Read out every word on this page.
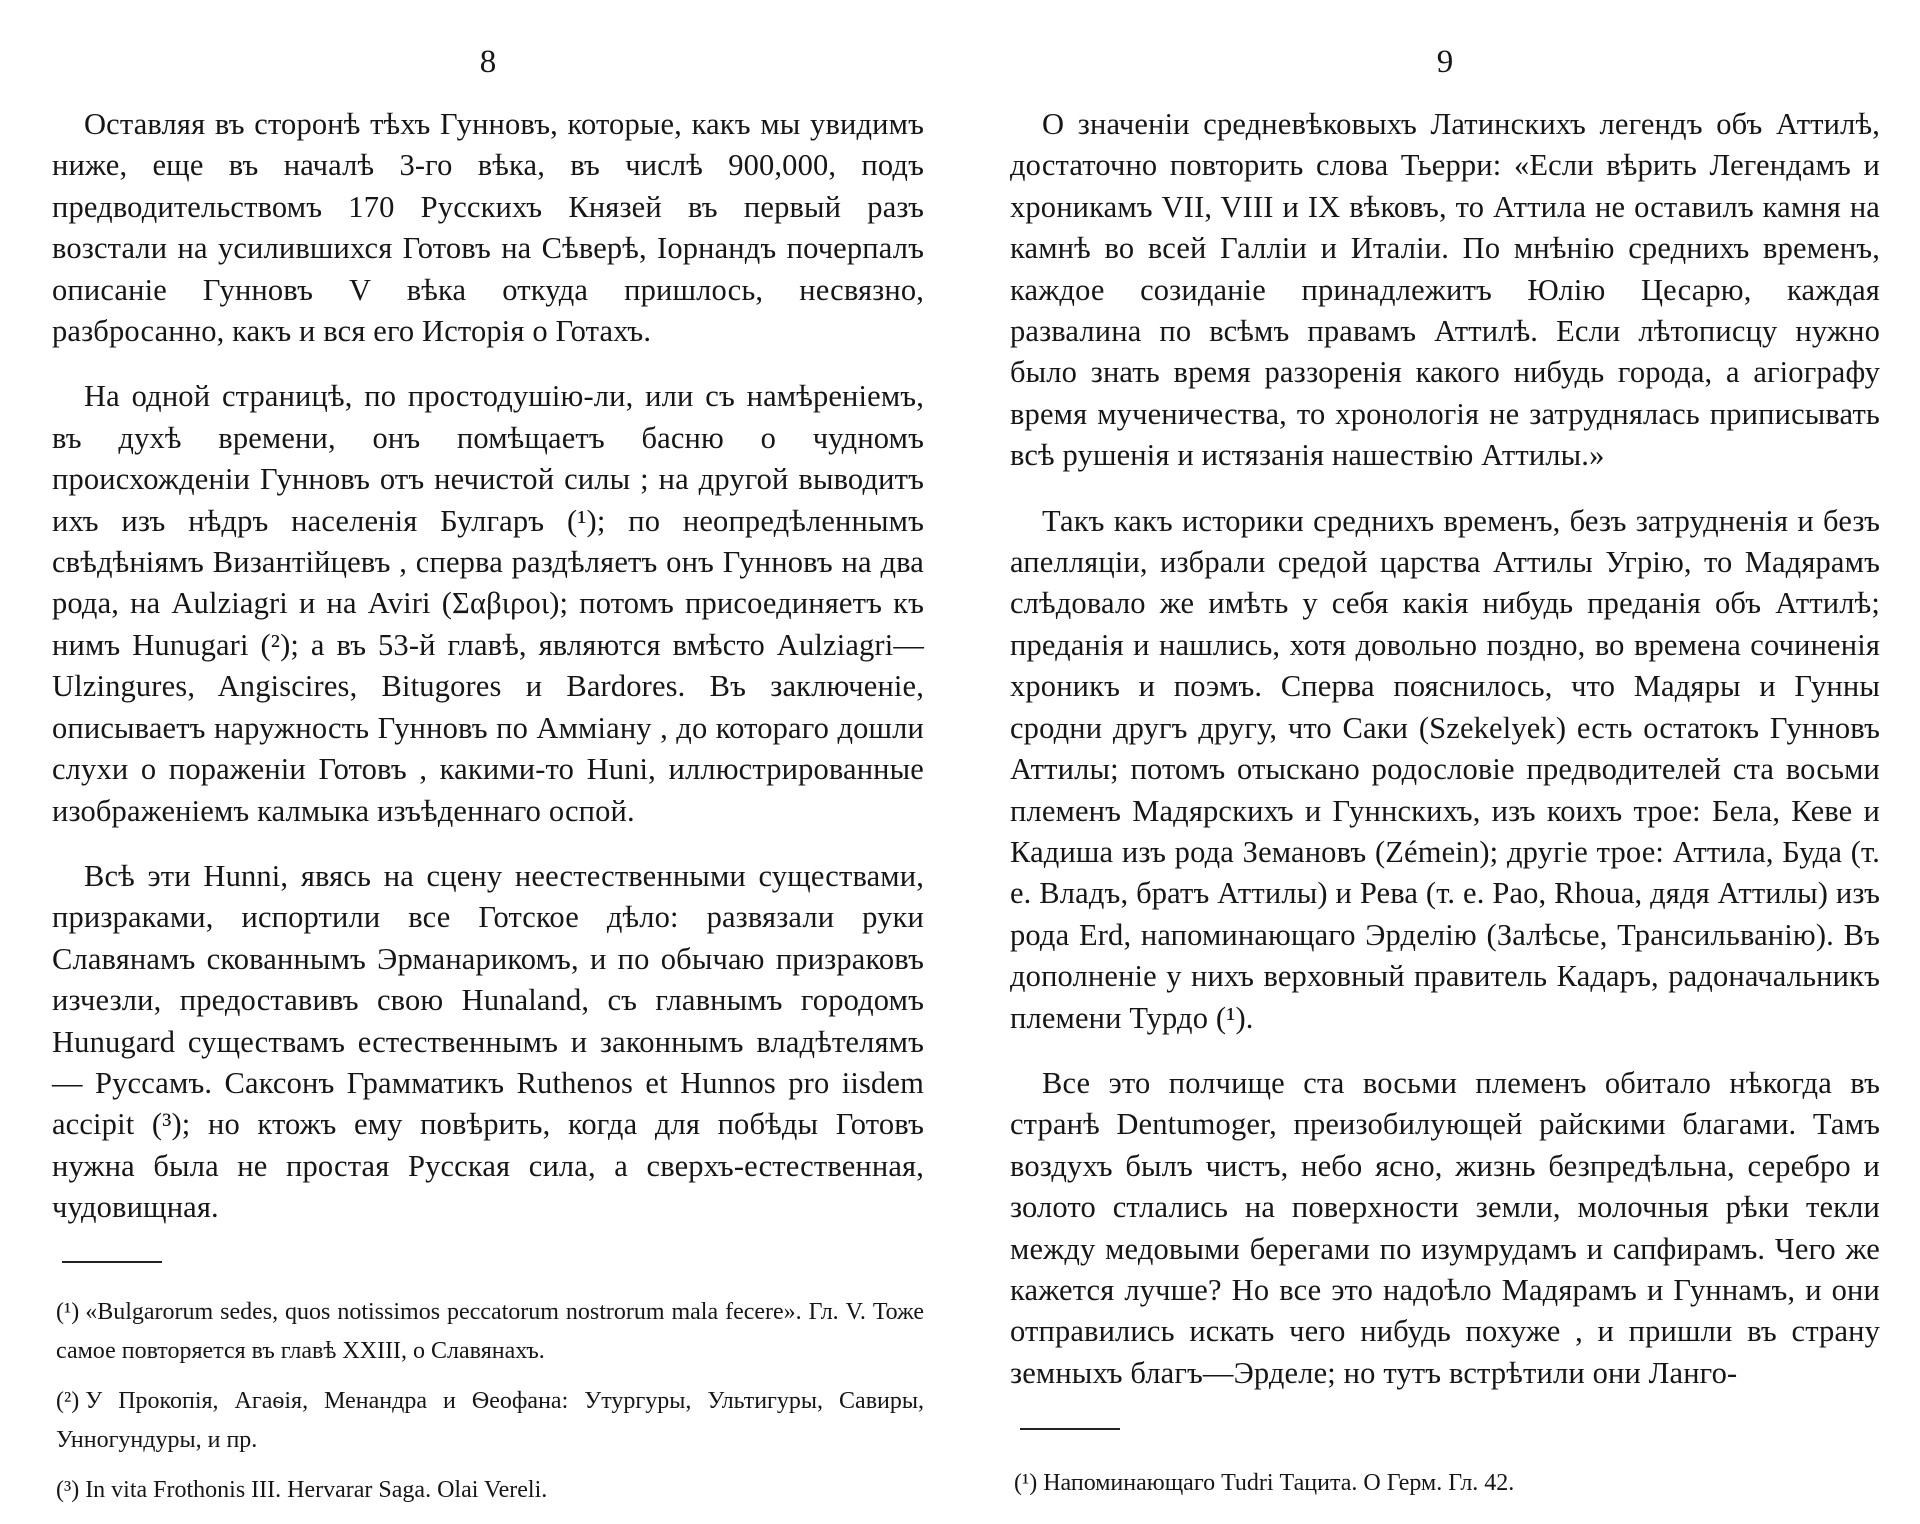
8

Оставляя въ сторонѣ тѣхъ Гунновъ, которые, какъ мы увидимъ ниже, еще въ началѣ 3-го вѣка, въ числѣ 900,000, подъ предводительствомъ 170 Русскихъ Князей въ первый разъ возстали на усилившихся Готовъ на Сѣверѣ, Іорнандъ почерпалъ описаніе Гунновъ V вѣка откуда пришлось, несвязно, разбросанно, какъ и вся его Исторія о Готахъ.

На одной страницѣ, по простодушію-ли, или съ намѣреніемъ, въ духѣ времени, онъ помѣщаетъ басню о чудномъ происхожденіи Гунновъ отъ нечистой силы ; на другой выводитъ ихъ изъ нѣдръ населенія Булгаръ (¹); по неопредѣленнымъ свѣдѣніямъ Византійцевъ , сперва раздѣляетъ онъ Гунновъ на два рода, на Aulziagri и на Aviri (Σαβιροι); потомъ присоединяетъ къ нимъ Hunugari (²); а въ 53-й главѣ, являются вмѣсто Aulziagri—Ulzingures, Angiscires, Bitugores и Bardores. Въ заключеніе, описываетъ наружность Гунновъ по Амміану , до котораго дошли слухи о пораженіи Готовъ , какими-то Huni, иллюстрированные изображеніемъ калмыка изъѣденнаго оспой.

Всѣ эти Hunni, явясь на сцену неестественными существами, призраками, испортили все Готское дѣло: развязали руки Славянамъ скованнымъ Эрманарикомъ, и по обычаю призраковъ изчезли, предоставивъ свою Hunaland, съ главнымъ городомъ Hunugard существамъ естественнымъ и законнымъ владѣтелямъ — Руссамъ. Саксонъ Грамматикъ Ruthenos et Hunnos pro iisdem accipit (³); но ктожъ ему повѣрить, когда для побѣды Готовъ нужна была не простая Русская сила, а сверхъ-естественная, чудовищная.

(¹) «Bulgarorum sedes, quos notissimos peccatorum nostrorum mala fecere». Гл. V. Тоже самое повторяется въ главѣ XXIII, о Славянахъ.

(²) У Прокопія, Агаѳія, Менандра и Ѳеофана: Утургуры, Ультигуры, Савиры, Унногундуры, и пр.

(³) In vita Frothonis III. Hervarar Saga. Olai Vereli.

9

О значеніи средневѣковыхъ Латинскихъ легендъ объ Аттилѣ, достаточно повторить слова Тьерри: «Если вѣрить Легендамъ и хроникамъ VII, VIII и IX вѣковъ, то Аттила не оставилъ камня на камнѣ во всей Галліи и Италіи. По мнѣнію среднихъ временъ, каждое созиданіе принадлежитъ Юлію Цесарю, каждая развалина по всѣмъ правамъ Аттилѣ. Если лѣтописцу нужно было знать время раззоренія какого нибудь города, а агіографу время мученичества, то хронологія не затруднялась приписывать всѣ рушенія и истязанія нашествію Аттилы.»

Такъ какъ историки среднихъ временъ, безъ затрудненія и безъ апелляціи, избрали средой царства Аттилы Угрію, то Мадярамъ слѣдовало же имѣть у себя какія нибудь преданія объ Аттилѣ; преданія и нашлись, хотя довольно поздно, во времена сочиненія хроникъ и поэмъ. Сперва пояснилось, что Мадяры и Гунны сродни другъ другу, что Саки (Szekelyek) есть остатокъ Гунновъ Аттилы; потомъ отыскано родословіе предводителей ста восьми племенъ Мадярскихъ и Гуннскихъ, изъ коихъ трое: Бела, Кеве и Кадиша изъ рода Земановъ (Zémein); другіе трое: Аттила, Буда (т. е. Владъ, братъ Аттилы) и Рева (т. е. Рао, Rhoua, дядя Аттилы) изъ рода Erd, напоминающаго Эрделію (Залѣсье, Трансильванію). Въ дополненіе у нихъ верховный правитель Кадаръ, радоначальникъ племени Турдо (¹).

Все это полчище ста восьми племенъ обитало нѣкогда въ странѣ Dentumoger, преизобилующей райскими благами. Тамъ воздухъ былъ чистъ, небо ясно, жизнь безпредѣльна, серебро и золото стлались на поверхности земли, молочныя рѣки текли между медовыми берегами по изумрудамъ и сапфирамъ. Чего же кажется лучше? Но все это надоѣло Мадярамъ и Гуннамъ, и они отправились искать чего нибудь похуже , и пришли въ страну земныхъ благъ—Эрделе; но тутъ встрѣтили они Ланго-

(¹) Напоминающаго Tudri Тацита. О Герм. Гл. 42.
